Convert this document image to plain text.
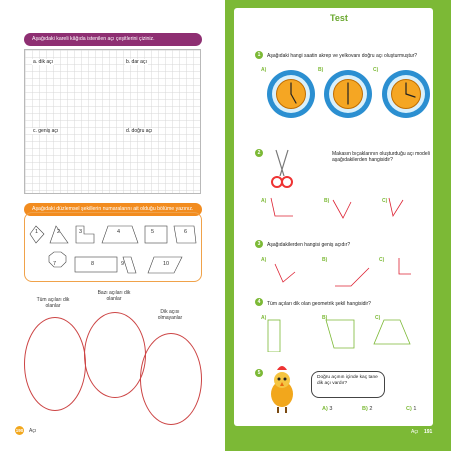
Aşağıdaki kareli kâğıda istenilen açı çeşitlerini çiziniz.
a. dik açı	b. dar açı
c. geniş açı	d. doğru açı
Aşağıdaki düzlemsel şekillerin numaralarını ait olduğu bölüme yazınız.
1	2	3	4	5	6
7	8	9	10
Tüm açıları dik olanlar
Bazı açıları dik olanlar
Dik açısı olmayanlar
190 Açı
Test
1	Aşağıdaki hangi saatin akrep ve yelkovanı doğru açı oluşturmuştur?
A)	B)	C)
2	Makasın bıçaklarının oluşturduğu açı modeli aşağıdakilerden hangisidir?
A)	B)	C)
3	Aşağıdakilerden hangisi geniş açıdır?
A)	B)	C)
4	Tüm açıları dik olan geometrik şekil hangisidir?
A)	B)	C)
5
Doğru açının içinde kaç tane dik açı vardır?
A) 3	B) 2	C) 1
Açı 191
